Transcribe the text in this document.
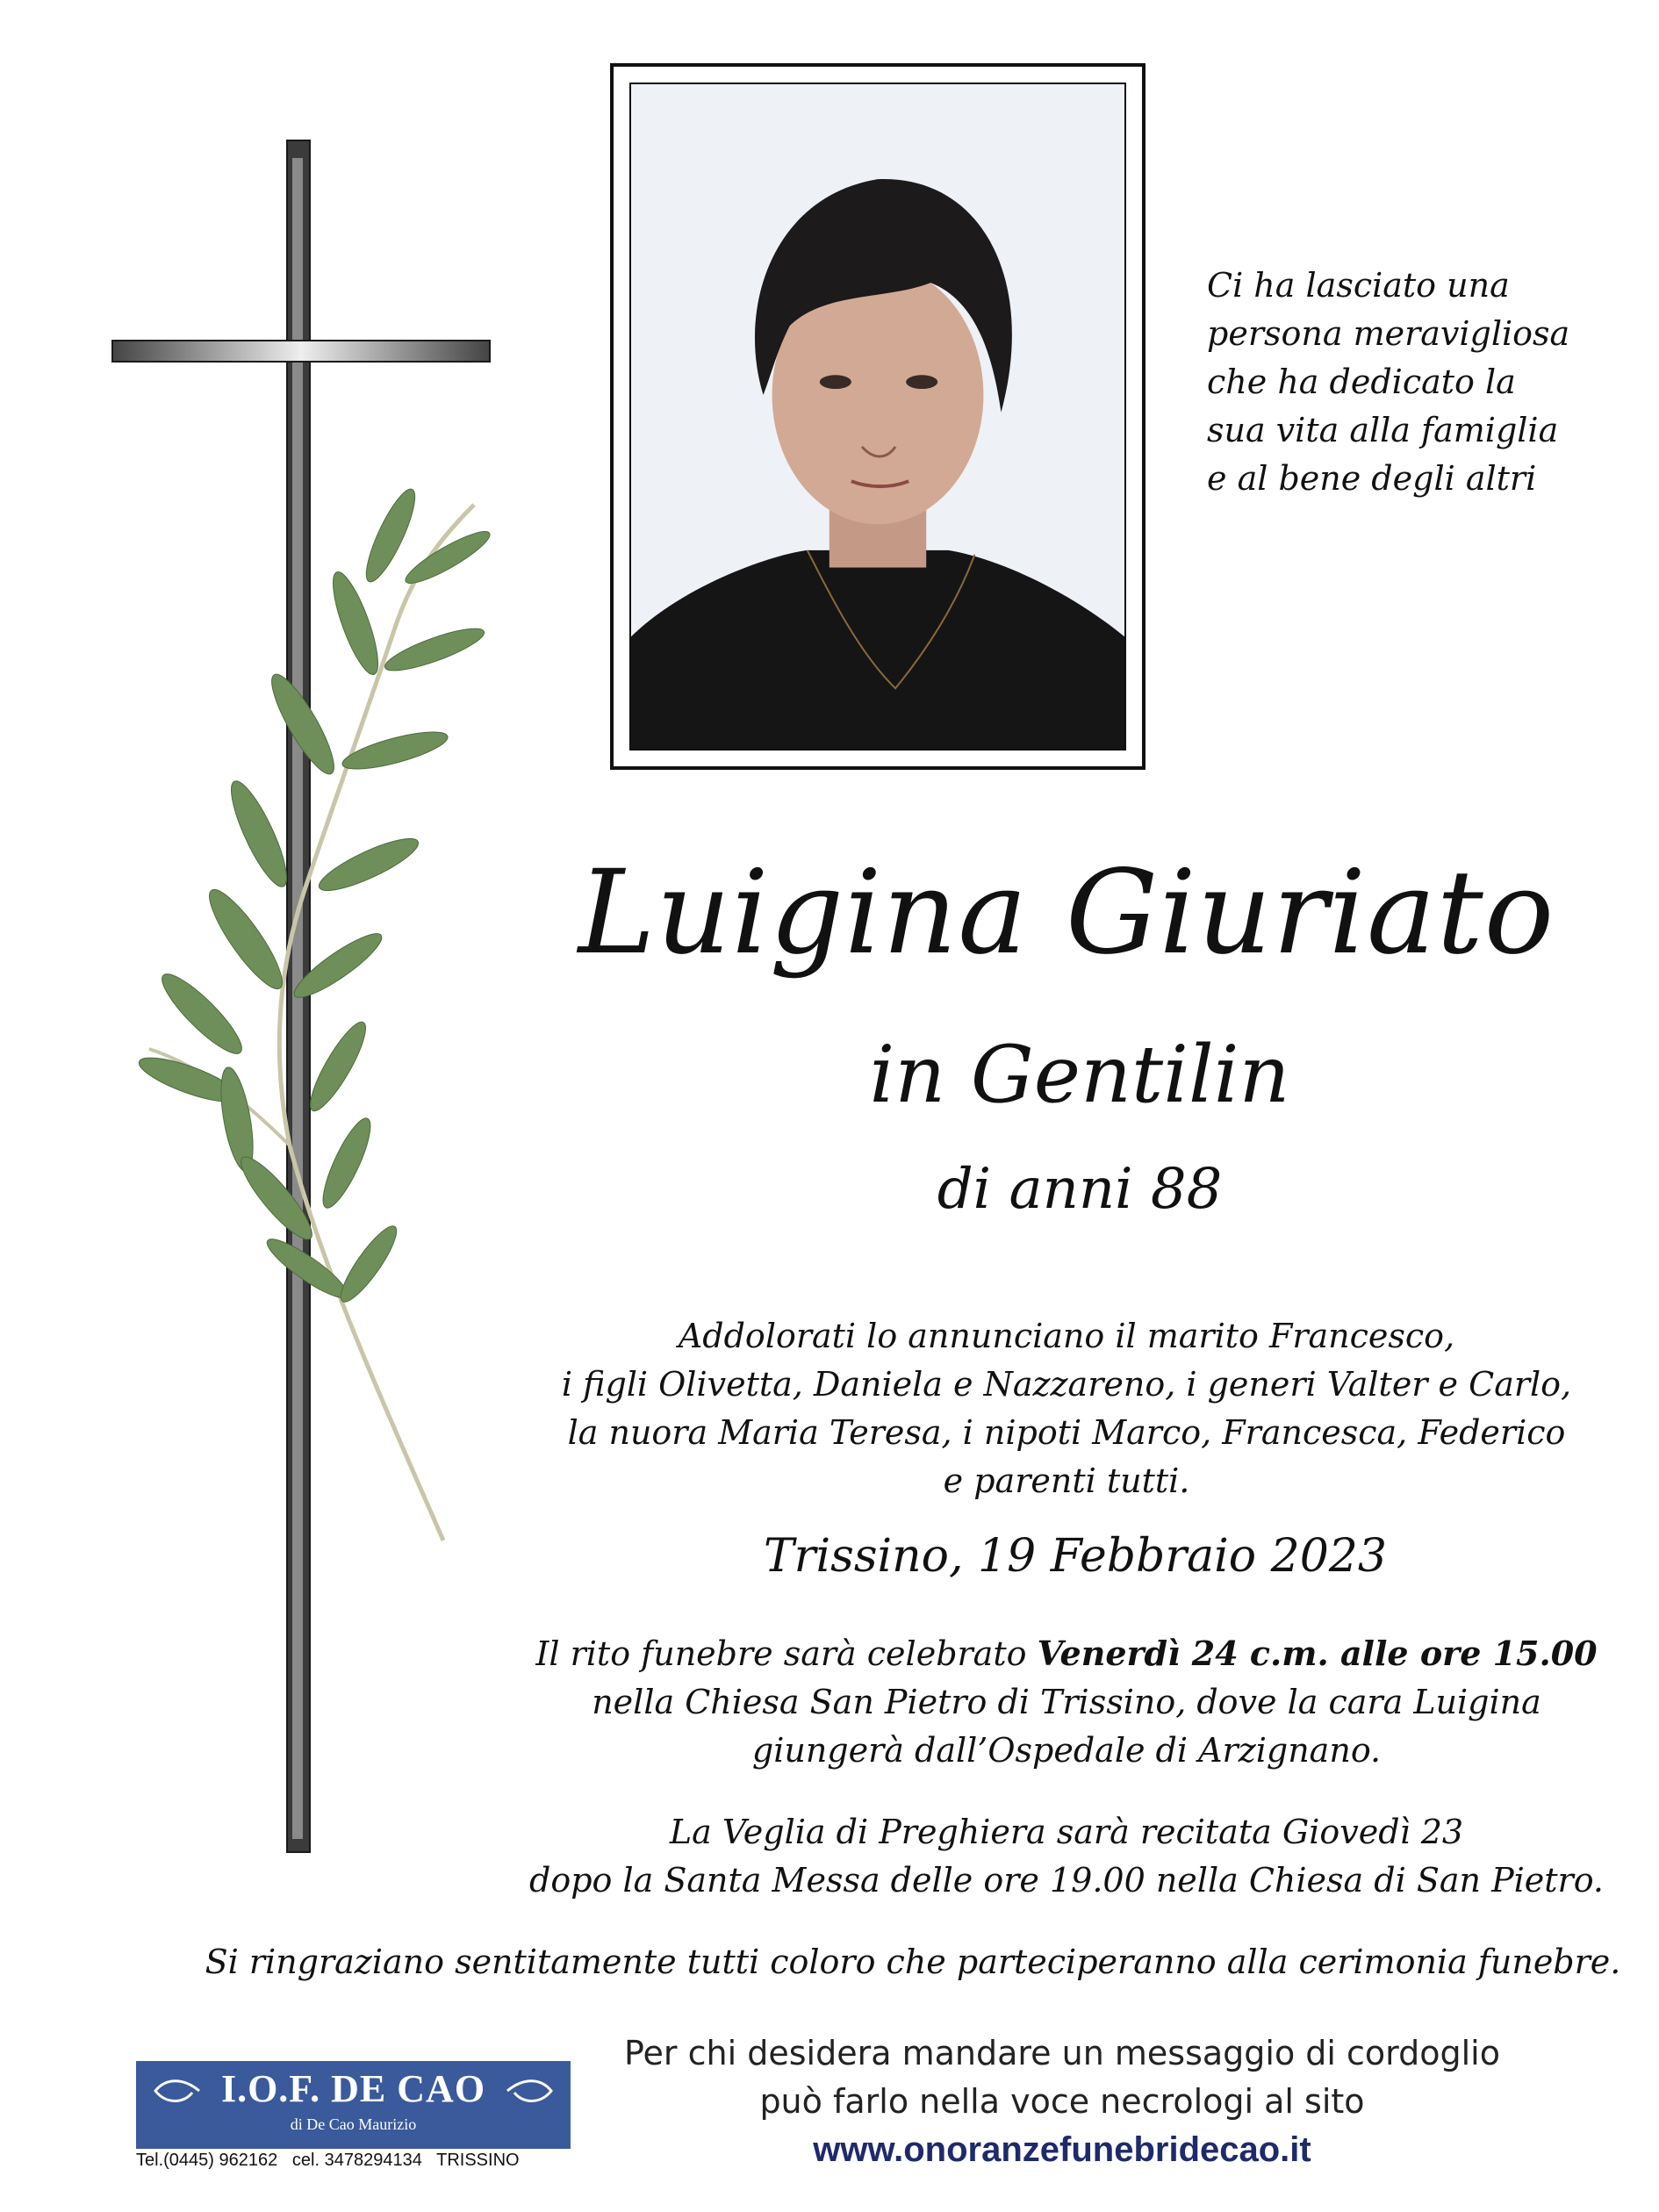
Ci ha lasciato una
persona meravigliosa
che ha dedicato la
sua vita alla famiglia
e al bene degli altri
Luigina Giuriato
in Gentilin
di anni 88
Addolorati lo annunciano il marito Francesco,
i figli Olivetta, Daniela e Nazzareno, i generi Valter e Carlo,
la nuora Maria Teresa, i nipoti Marco, Francesca, Federico
e parenti tutti.
Trissino, 19 Febbraio 2023
Il rito funebre sarà celebrato Venerdì 24 c.m. alle ore 15.00
nella Chiesa San Pietro di Trissino, dove la cara Luigina
giungerà dall’Ospedale di Arzignano.
La Veglia di Preghiera sarà recitata Giovedì 23
dopo la Santa Messa delle ore 19.00 nella Chiesa di San Pietro.
Si ringraziano sentitamente tutti coloro che parteciperanno alla cerimonia funebre.
I.O.F. DE CAO
di De Cao Maurizio
Tel.(0445) 962162   cel. 3478294134   TRISSINO
Per chi desidera mandare un messaggio di cordoglio
può farlo nella voce necrologi al sito
www.onoranzefunebridecao.it
